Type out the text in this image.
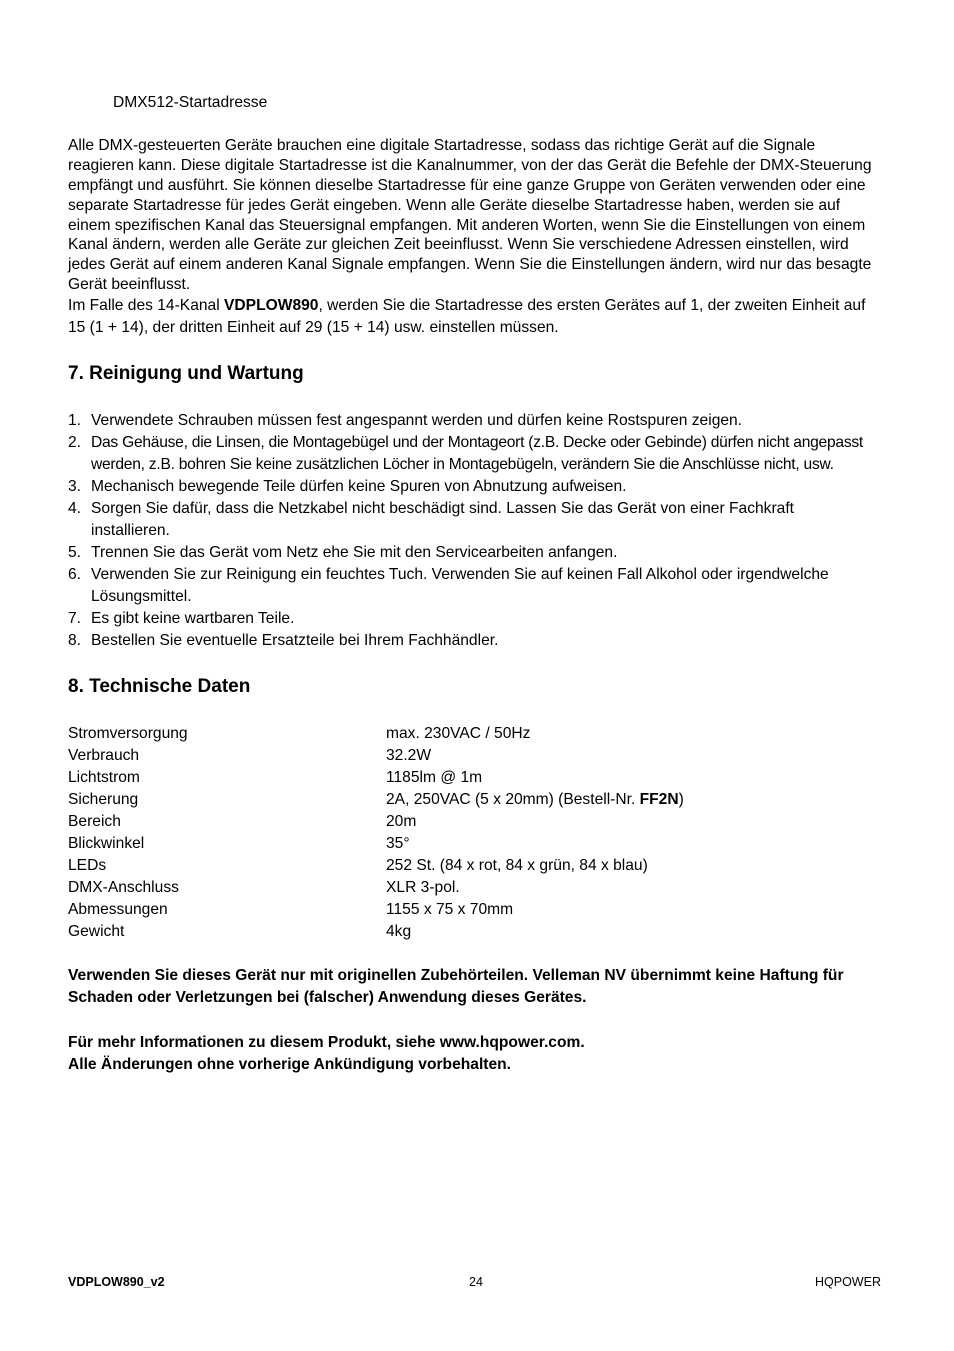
DMX512-Startadresse
Alle DMX-gesteuerten Geräte brauchen eine digitale Startadresse, sodass das richtige Gerät auf die Signale
reagieren kann. Diese digitale Startadresse ist die Kanalnummer, von der das Gerät die Befehle der DMX-Steuerung
empfängt und ausführt. Sie können dieselbe Startadresse für eine ganze Gruppe von Geräten verwenden oder eine
separate Startadresse für jedes Gerät eingeben. Wenn alle Geräte dieselbe Startadresse haben, werden sie auf
einem spezifischen Kanal das Steuersignal empfangen. Mit anderen Worten, wenn Sie die Einstellungen von einem
Kanal ändern, werden alle Geräte zur gleichen Zeit beeinflusst. Wenn Sie verschiedene Adressen einstellen, wird
jedes Gerät auf einem anderen Kanal Signale empfangen. Wenn Sie die Einstellungen ändern, wird nur das besagte
Gerät beeinflusst.
Im Falle des 14-Kanal VDPLOW890, werden Sie die Startadresse des ersten Gerätes auf 1, der zweiten Einheit auf
15 (1 + 14), der dritten Einheit auf 29 (15 + 14) usw. einstellen müssen.
7. Reinigung und Wartung
1. Verwendete Schrauben müssen fest angespannt werden und dürfen keine Rostspuren zeigen.
2. Das Gehäuse, die Linsen, die Montagebügel und der Montageort (z.B. Decke oder Gebinde) dürfen nicht angepasst
werden, z.B. bohren Sie keine zusätzlichen Löcher in Montagebügeln, verändern Sie die Anschlüsse nicht, usw.
3. Mechanisch bewegende Teile dürfen keine Spuren von Abnutzung aufweisen.
4. Sorgen Sie dafür, dass die Netzkabel nicht beschädigt sind. Lassen Sie das Gerät von einer Fachkraft
installieren.
5. Trennen Sie das Gerät vom Netz ehe Sie mit den Servicearbeiten anfangen.
6. Verwenden Sie zur Reinigung ein feuchtes Tuch. Verwenden Sie auf keinen Fall Alkohol oder irgendwelche
Lösungsmittel.
7. Es gibt keine wartbaren Teile.
8. Bestellen Sie eventuelle Ersatzteile bei Ihrem Fachhändler.
8. Technische Daten
Stromversorgung	max. 230VAC / 50Hz
Verbrauch	32.2W
Lichtstrom	1185lm @ 1m
Sicherung	2A, 250VAC (5 x 20mm) (Bestell-Nr. FF2N)
Bereich	20m
Blickwinkel	35°
LEDs	252 St. (84 x rot, 84 x grün, 84 x blau)
DMX-Anschluss	XLR 3-pol.
Abmessungen	1155 x 75 x 70mm
Gewicht	4kg
Verwenden Sie dieses Gerät nur mit originellen Zubehörteilen. Velleman NV übernimmt keine Haftung für
Schaden oder Verletzungen bei (falscher) Anwendung dieses Gerätes.
Für mehr Informationen zu diesem Produkt, siehe www.hqpower.com.
Alle Änderungen ohne vorherige Ankündigung vorbehalten.
VDPLOW890_v2	24	HQPOWER
